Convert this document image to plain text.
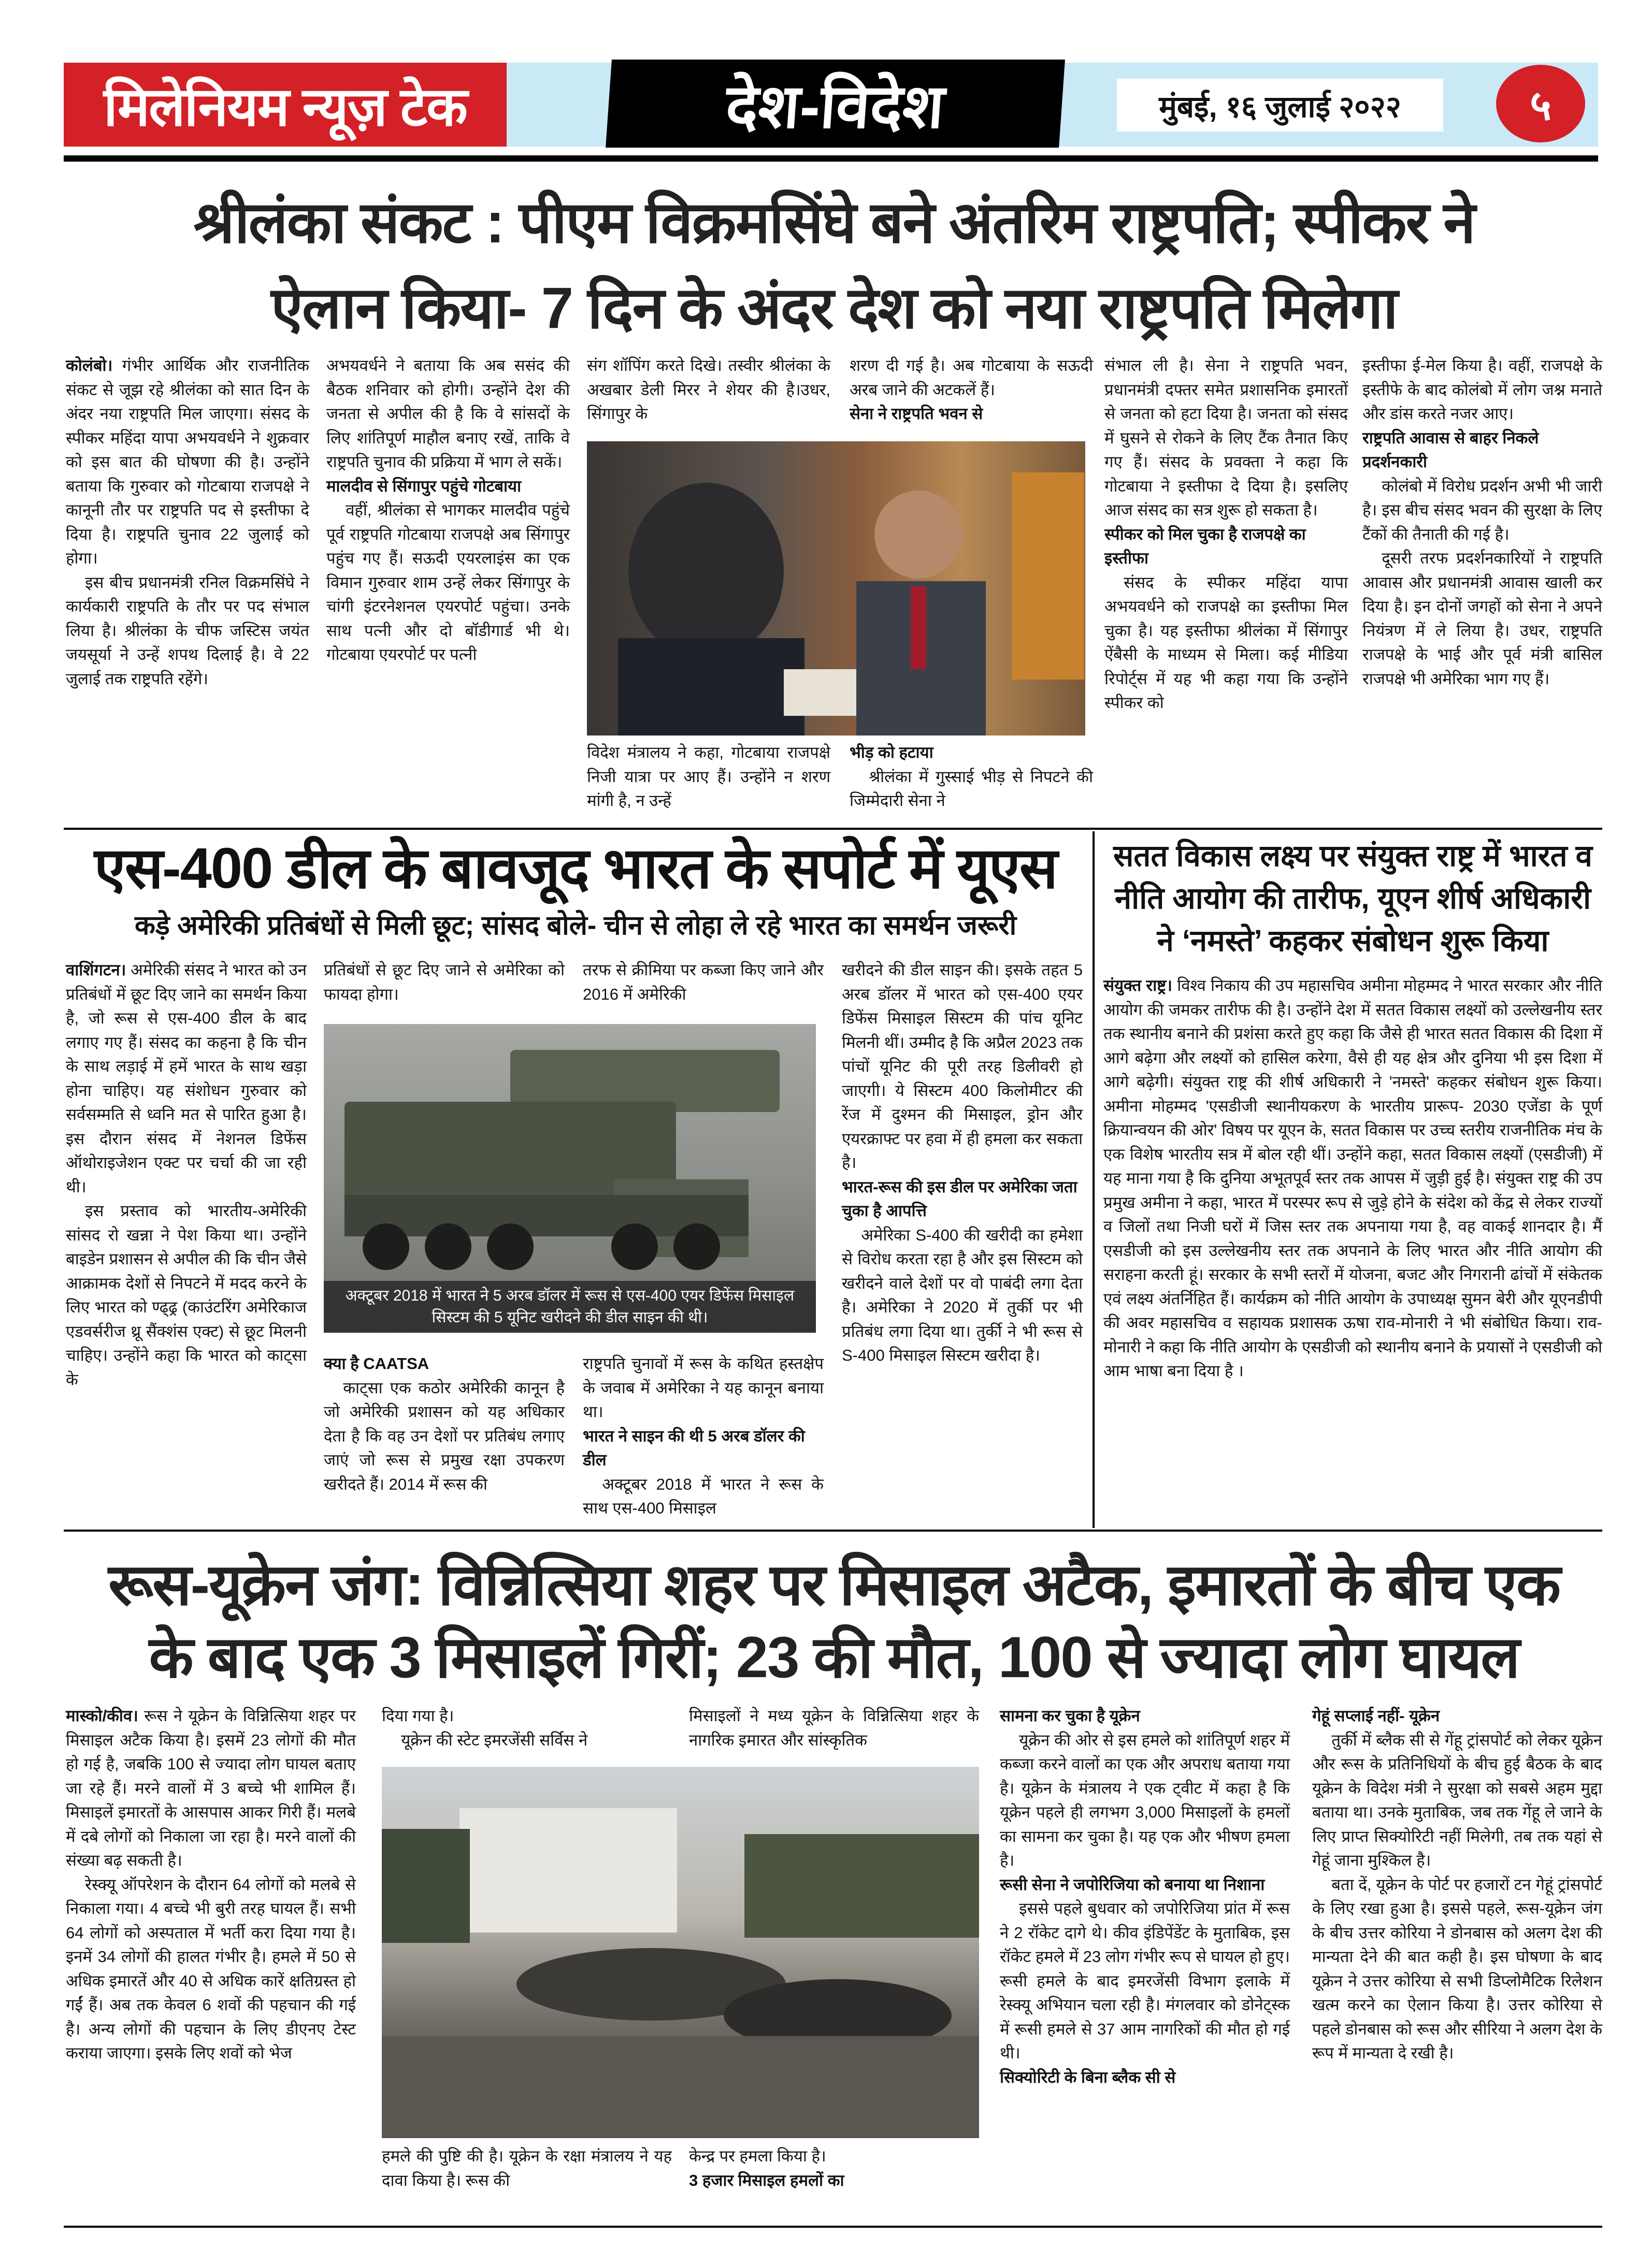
मिलेनियम न्यूज़ टेक	देश-विदेश	मुंबई, १६ जुलाई २०२२	५
श्रीलंका संकट : पीएम विक्रमसिंघे बने अंतरिम राष्ट्रपति; स्पीकर ने
ऐलान किया- 7 दिन के अंदर देश को नया राष्ट्रपति मिलेगा

कोलंबो। गंभीर आर्थिक और राजनीतिक संकट से जूझ रहे श्रीलंका को सात दिन के अंदर नया राष्ट्रपति मिल जाएगा। संसद के स्पीकर महिंदा यापा अभयवर्धने ने शुक्रवार को इस बात की घोषणा की है। उन्होंने बताया कि गुरुवार को गोटबाया राजपक्षे ने कानूनी तौर पर राष्ट्रपति पद से इस्तीफा दे दिया है। राष्ट्रपति चुनाव 22 जुलाई को होगा।

इस बीच प्रधानमंत्री रनिल विक्रमसिंघे ने कार्यकारी राष्ट्रपति के तौर पर पद संभाल लिया है। श्रीलंका के चीफ जस्टिस जयंत जयसूर्या ने उन्हें शपथ दिलाई है। वे 22 जुलाई तक राष्ट्रपति रहेंगे।

अभयवर्धने ने बताया कि अब ससंद की बैठक शनिवार को होगी। उन्होंने देश की जनता से अपील की है कि वे सांसदों के लिए शांतिपूर्ण माहौल बनाए रखें, ताकि वे राष्ट्रपति चुनाव की प्रक्रिया में भाग ले सकें।

मालदीव से सिंगापुर पहुंचे गोटबाया

वहीं, श्रीलंका से भागकर मालदीव पहुंचे पूर्व राष्ट्रपति गोटबाया राजपक्षे अब सिंगापुर पहुंच गए हैं। सऊदी एयरलाइंस का एक विमान गुरुवार शाम उन्हें लेकर सिंगापुर के चांगी इंटरनेशनल एयरपोर्ट पहुंचा। उनके साथ पत्नी और दो बॉडीगार्ड भी थे। गोटबाया एयरपोर्ट पर पत्नी

संग शॉपिंग करते दिखे। तस्वीर श्रीलंका के अखबार डेली मिरर ने शेयर की है।उधर, सिंगापुर के

शरण दी गई है। अब गोटबाया के सऊदी अरब जाने की अटकलें हैं।

सेना ने राष्ट्रपति भवन से

संभाल ली है। सेना ने राष्ट्रपति भवन, प्रधानमंत्री दफ्तर समेत प्रशासनिक इमारतों से जनता को हटा दिया है। जनता को संसद में घुसने से रोकने के लिए टैंक तैनात किए गए हैं। संसद के प्रवक्ता ने कहा कि गोटबाया ने इस्तीफा दे दिया है। इसलिए आज संसद का सत्र शुरू हो सकता है।

स्पीकर को मिल चुका है राजपक्षे का इस्तीफा

संसद के स्पीकर महिंदा यापा अभयवर्धने को राजपक्षे का इस्तीफा मिल चुका है। यह इस्तीफा श्रीलंका में सिंगापुर ऐंबैसी के माध्यम से मिला। कई मीडिया रिपोर्ट्स में यह भी कहा गया कि उन्होंने स्पीकर को

इस्तीफा ई-मेल किया है। वहीं, राजपक्षे के इस्तीफे के बाद कोलंबो में लोग जश्न मनाते और डांस करते नजर आए।

राष्ट्रपति आवास से बाहर निकले प्रदर्शनकारी

कोलंबो में विरोध प्रदर्शन अभी भी जारी है। इस बीच संसद भवन की सुरक्षा के लिए टैंकों की तैनाती की गई है।

दूसरी तरफ प्रदर्शनकारियों ने राष्ट्रपति आवास और प्रधानमंत्री आवास खाली कर दिया है। इन दोनों जगहों को सेना ने अपने नियंत्रण में ले लिया है। उधर, राष्ट्रपति राजपक्षे के भाई और पूर्व मंत्री बासिल राजपक्षे भी अमेरिका भाग गए हैं।

विदेश मंत्रालय ने कहा, गोटबाया राजपक्षे निजी यात्रा पर आए हैं। उन्होंने न शरण मांगी है, न उन्हें

भीड़ को हटाया

श्रीलंका में गुस्साई भीड़ से निपटने की जिम्मेदारी सेना ने

एस-400 डील के बावजूद भारत के सपोर्ट में यूएस
कड़े अमेरिकी प्रतिबंधों से मिली छूट; सांसद बोले- चीन से लोहा ले रहे भारत का समर्थन जरूरी

वाशिंगटन। अमेरिकी संसद ने भारत को उन प्रतिबंधों में छूट दिए जाने का समर्थन किया है, जो रूस से एस-400 डील के बाद लगाए गए हैं। संसद का कहना है कि चीन के साथ लड़ाई में हमें भारत के साथ खड़ा होना चाहिए। यह संशोधन गुरुवार को सर्वसम्मति से ध्वनि मत से पारित हुआ है। इस दौरान संसद में नेशनल डिफेंस ऑथोराइजेशन एक्ट पर चर्चा की जा रही थी।

इस प्रस्ताव को भारतीय-अमेरिकी सांसद रो खन्ना ने पेश किया था। उन्होंने बाइडेन प्रशासन से अपील की कि चीन जैसे आक्रामक देशों से निपटने में मदद करने के लिए भारत को ण्ढ्ढ्र (काउंटरिंग अमेरिकाज एडवर्सरीज थ्रू सैंक्शंस एक्ट) से छूट मिलनी चाहिए। उन्होंने कहा कि भारत को काट्सा के

प्रतिबंधों से छूट दिए जाने से अमेरिका को फायदा होगा।

तरफ से क्रीमिया पर कब्जा किए जाने और 2016 में अमेरिकी

खरीदने की डील साइन की। इसके तहत 5 अरब डॉलर में भारत को एस-400 एयर डिफेंस मिसाइल सिस्टम की पांच यूनिट मिलनी थीं। उम्मीद है कि अप्रैल 2023 तक पांचों यूनिट की पूरी तरह डिलीवरी हो जाएगी। ये सिस्टम 400 किलोमीटर की रेंज में दुश्मन की मिसाइल, ड्रोन और एयरक्राफ्ट पर हवा में ही हमला कर सकता है।

भारत-रूस की इस डील पर अमेरिका जता चुका है आपत्ति

अमेरिका S-400 की खरीदी का हमेशा से विरोध करता रहा है और इस सिस्टम को खरीदने वाले देशों पर वो पाबंदी लगा देता है। अमेरिका ने 2020 में तुर्की पर भी प्रतिबंध लगा दिया था। तुर्की ने भी रूस से S-400 मिसाइल सिस्टम खरीदा है।

अक्टूबर 2018 में भारत ने 5 अरब डॉलर में रूस से एस-400 एयर डिफेंस मिसाइल सिस्टम की 5 यूनिट खरीदने की डील साइन की थी।
क्या है CAATSA

काट्सा एक कठोर अमेरिकी कानून है जो अमेरिकी प्रशासन को यह अधिकार देता है कि वह उन देशों पर प्रतिबंध लगाए जाएं जो रूस से प्रमुख रक्षा उपकरण खरीदते हैं। 2014 में रूस की

राष्ट्रपति चुनावों में रूस के कथित हस्तक्षेप के जवाब में अमेरिका ने यह कानून बनाया था।

भारत ने साइन की थी 5 अरब डॉलर की डील

अक्टूबर 2018 में भारत ने रूस के साथ एस-400 मिसाइल

सतत विकास लक्ष्य पर संयुक्त राष्ट्र में भारत व
नीति आयोग की तारीफ, यूएन शीर्ष अधिकारी
ने ‘नमस्ते’ कहकर संबोधन शुरू किया

संयुक्त राष्ट्र। विश्व निकाय की उप महासचिव अमीना मोहम्मद ने भारत सरकार और नीति आयोग की जमकर तारीफ की है। उन्होंने देश में सतत विकास लक्ष्यों को उल्लेखनीय स्तर तक स्थानीय बनाने की प्रशंसा करते हुए कहा कि जैसे ही भारत सतत विकास की दिशा में आगे बढ़ेगा और लक्ष्यों को हासिल करेगा, वैसे ही यह क्षेत्र और दुनिया भी इस दिशा में आगे बढ़ेगी। संयुक्त राष्ट्र की शीर्ष अधिकारी ने 'नमस्ते' कहकर संबोधन शुरू किया। अमीना मोहम्मद 'एसडीजी स्थानीयकरण के भारतीय प्रारूप- 2030 एजेंडा के पूर्ण क्रियान्वयन की ओर' विषय पर यूएन के, सतत विकास पर उच्च स्तरीय राजनीतिक मंच के एक विशेष भारतीय सत्र में बोल रही थीं। उन्होंने कहा, सतत विकास लक्ष्यों (एसडीजी) में यह माना गया है कि दुनिया अभूतपूर्व स्तर तक आपस में जुड़ी हुई है। संयुक्त राष्ट्र की उप प्रमुख अमीना ने कहा, भारत में परस्पर रूप से जुड़े होने के संदेश को केंद्र से लेकर राज्यों व जिलों तथा निजी घरों में जिस स्तर तक अपनाया गया है, वह वाकई शानदार है। मैं एसडीजी को इस उल्लेखनीय स्तर तक अपनाने के लिए भारत और नीति आयोग की सराहना करती हूं। सरकार के सभी स्तरों में योजना, बजट और निगरानी ढांचों में संकेतक एवं लक्ष्य अंतर्निहित हैं। कार्यक्रम को नीति आयोग के उपाध्यक्ष सुमन बेरी और यूएनडीपी की अवर महासचिव व सहायक प्रशासक ऊषा राव-मोनारी ने भी संबोधित किया। राव-मोनारी ने कहा कि नीति आयोग के एसडीजी को स्थानीय बनाने के प्रयासों ने एसडीजी को आम भाषा बना दिया है ।

रूस-यूक्रेन जंग: विन्नित्सिया शहर पर मिसाइल अटैक, इमारतों के बीच एक
के बाद एक 3 मिसाइलें गिरीं; 23 की मौत, 100 से ज्यादा लोग घायल

मास्को/कीव। रूस ने यूक्रेन के विन्नित्सिया शहर पर मिसाइल अटैक किया है। इसमें 23 लोगों की मौत हो गई है, जबकि 100 से ज्यादा लोग घायल बताए जा रहे हैं। मरने वालों में 3 बच्चे भी शामिल हैं। मिसाइलें इमारतों के आसपास आकर गिरी हैं। मलबे में दबे लोगों को निकाला जा रहा है। मरने वालों की संख्या बढ़ सकती है।

रेस्क्यू ऑपरेशन के दौरान 64 लोगों को मलबे से निकाला गया। 4 बच्चे भी बुरी तरह घायल हैं। सभी 64 लोगों को अस्पताल में भर्ती करा दिया गया है। इनमें 34 लोगों की हालत गंभीर है। हमले में 50 से अधिक इमारतें और 40 से अधिक कारें क्षतिग्रस्त हो गईं हैं। अब तक केवल 6 शवों की पहचान की गई है। अन्य लोगों की पहचान के लिए डीएनए टेस्ट कराया जाएगा। इसके लिए शवों को भेज

दिया गया है।

यूक्रेन की स्टेट इमरजेंसी सर्विस ने

मिसाइलों ने मध्य यूक्रेन के विन्नित्सिया शहर के नागरिक इमारत और सांस्कृतिक

सामना कर चुका है यूक्रेन

यूक्रेन की ओर से इस हमले को शांतिपूर्ण शहर में कब्जा करने वालों का एक और अपराध बताया गया है। यूक्रेन के मंत्रालय ने एक ट्वीट में कहा है कि यूक्रेन पहले ही लगभग 3,000 मिसाइलों के हमलों का सामना कर चुका है। यह एक और भीषण हमला है।

रूसी सेना ने जपोरिजिया को बनाया था निशाना

इससे पहले बुधवार को जपोरिजिया प्रांत में रूस ने 2 रॉकेट दागे थे। कीव इंडिपेंडेंट के मुताबिक, इस रॉकेट हमले में 23 लोग गंभीर रूप से घायल हो हुए। रूसी हमले के बाद इमरजेंसी विभाग इलाके में रेस्क्यू अभियान चला रही है। मंगलवार को डोनेट्स्क में रूसी हमले से 37 आम नागरिकों की मौत हो गई थी।

सिक्योरिटी के बिना ब्लैक सी से
गेहूं सप्लाई नहीं- यूक्रेन

तुर्की में ब्लैक सी से गेंहू ट्रांसपोर्ट को लेकर यूक्रेन और रूस के प्रतिनिधियों के बीच हुई बैठक के बाद यूक्रेन के विदेश मंत्री ने सुरक्षा को सबसे अहम मुद्दा बताया था। उनके मुताबिक, जब तक गेंहू ले जाने के लिए प्राप्त सिक्योरिटी नहीं मिलेगी, तब तक यहां से गेहूं जाना मुश्किल है।

बता दें, यूक्रेन के पोर्ट पर हजारों टन गेहूं ट्रांसपोर्ट के लिए रखा हुआ है। इससे पहले, रूस-यूक्रेन जंग के बीच उत्तर कोरिया ने डोनबास को अलग देश की मान्यता देने की बात कही है। इस घोषणा के बाद यूक्रेन ने उत्तर कोरिया से सभी डिप्लोमैटिक रिलेशन खत्म करने का ऐलान किया है। उत्तर कोरिया से पहले डोनबास को रूस और सीरिया ने अलग देश के रूप में मान्यता दे रखी है।

हमले की पुष्टि की है। यूक्रेन के रक्षा मंत्रालय ने यह दावा किया है। रूस की

केन्द्र पर हमला किया है।

3 हजार मिसाइल हमलों का
